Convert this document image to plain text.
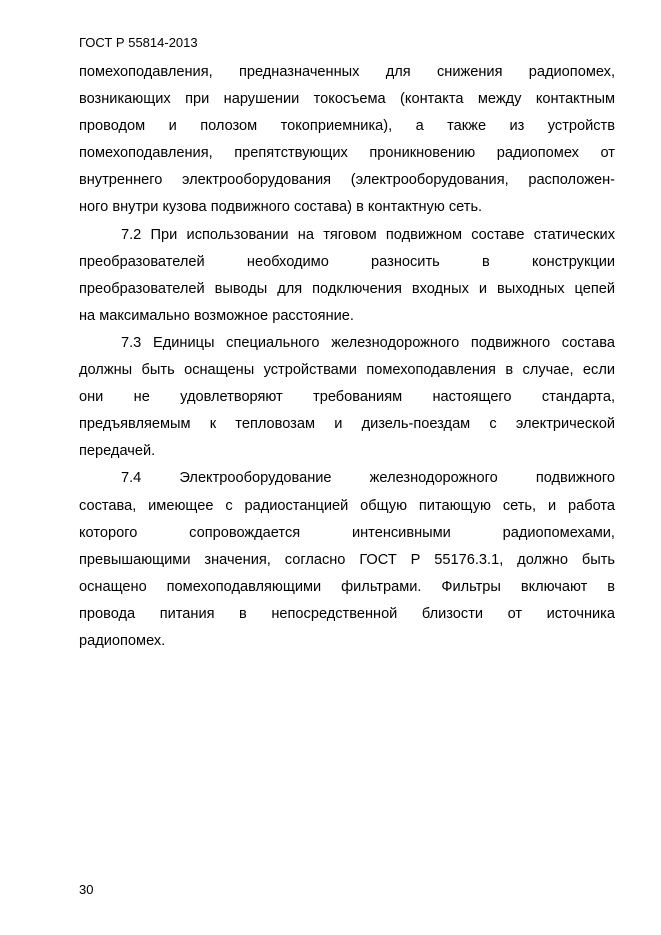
ГОСТ Р 55814-2013
помехоподавления, предназначенных для снижения радиопомех,
возникающих при нарушении токосъема (контакта между контактным
проводом и полозом токоприемника), а также из устройств
помехоподавления, препятствующих проникновению радиопомех от
внутреннего электрооборудования (электрооборудования, расположен-
ного внутри кузова подвижного состава) в контактную сеть.
7.2 При использовании на тяговом подвижном составе статических
преобразователей необходимо разносить в конструкции
преобразователей выводы для подключения входных и выходных цепей
на максимально возможное расстояние.
7.3 Единицы специального железнодорожного подвижного состава
должны быть оснащены устройствами помехоподавления в случае, если
они не удовлетворяют требованиям настоящего стандарта,
предъявляемым к тепловозам и дизель-поездам с электрической
передачей.
7.4 Электрооборудование железнодорожного подвижного
состава, имеющее с радиостанцией общую питающую сеть, и работа
которого сопровождается интенсивными радиопомехами,
превышающими значения, согласно ГОСТ Р 55176.3.1, должно быть
оснащено помехоподавляющими фильтрами. Фильтры включают в
провода питания в непосредственной близости от источника
радиопомех.
30
